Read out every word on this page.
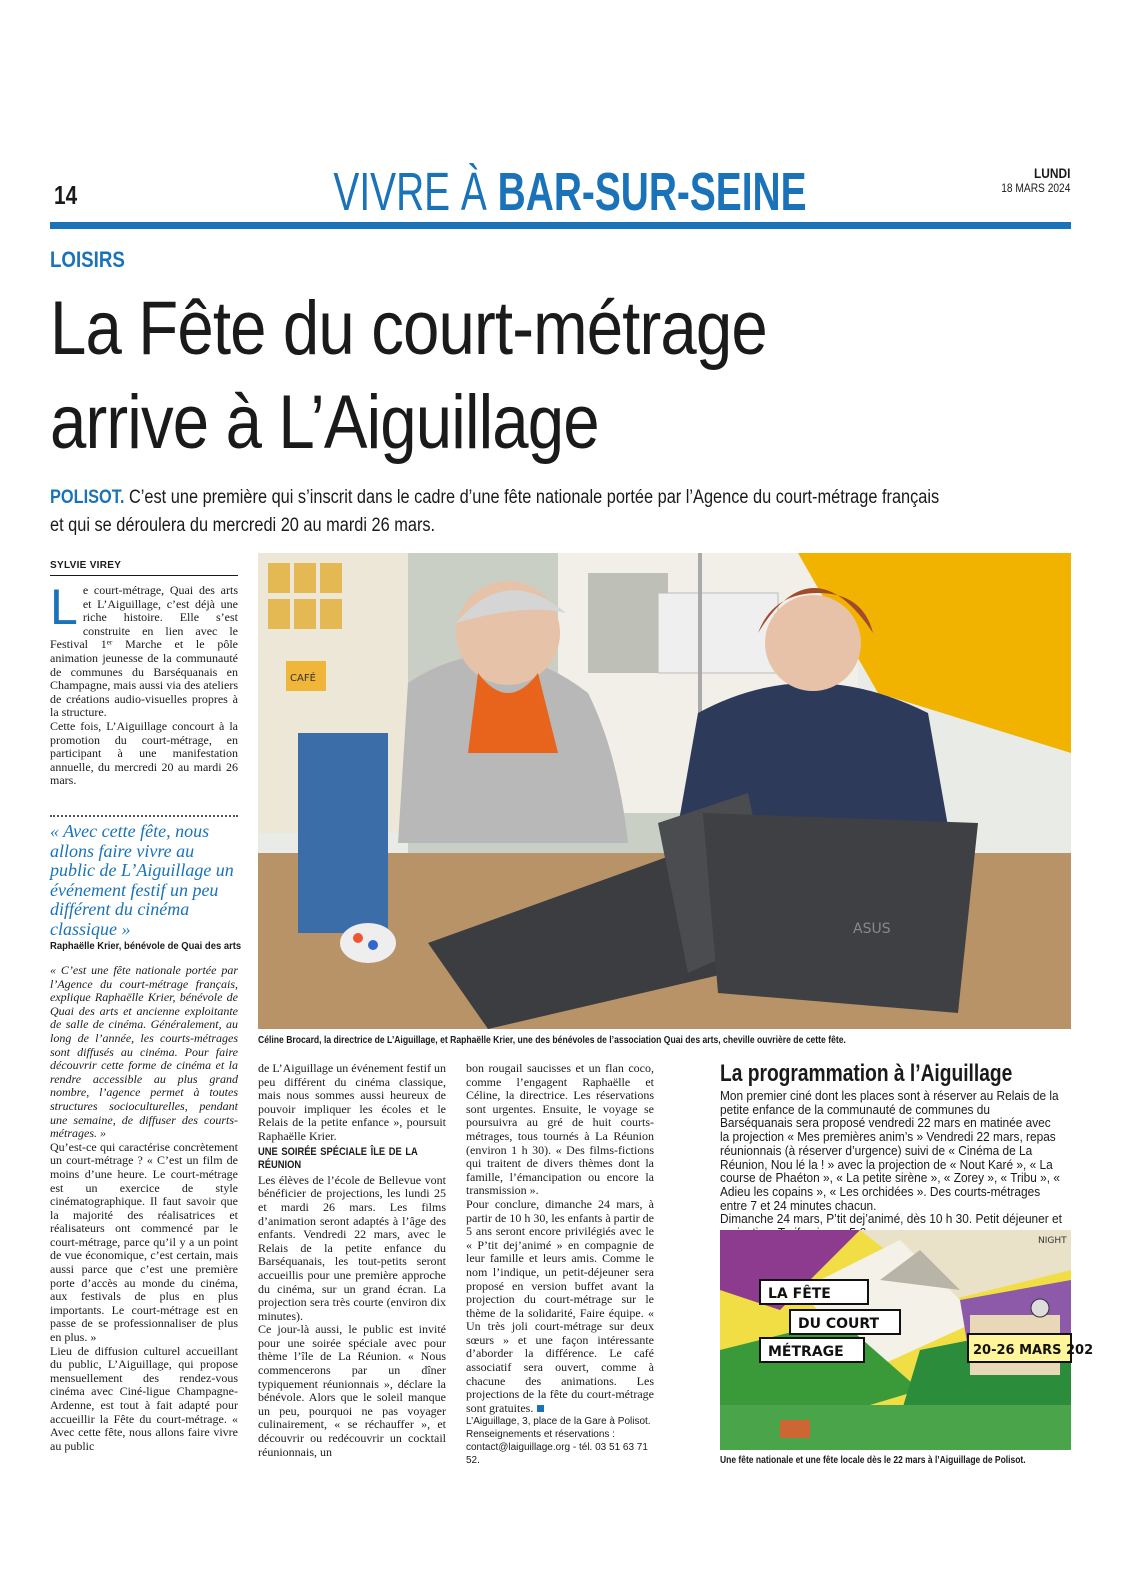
14	VIVRE À BAR-SUR-SEINE	LUNDI
18 MARS 2024
LOISIRS
La Fête du court-métrage
arrive à L’Aiguillage
POLISOT. C’est une première qui s’inscrit dans le cadre d’une fête nationale portée par l’Agence du court-métrage français
et qui se déroulera du mercredi 20 au mardi 26 mars.
SYLVIE VIREY
L e court-métrage, Quai des arts et L’Aiguillage, c’est déjà une riche histoire. Elle s’est construite en lien avec le Festival 1ᵉʳ Marche et le pôle animation jeunesse de la communauté de communes du Barséquanais en Champagne, mais aussi via des ateliers de créations audio-visuelles propres à la structure.

Cette fois, L’Aiguillage concourt à la promotion du court-métrage, en participant à une manifestation annuelle, du mercredi 20 au mardi 26 mars.

« Avec cette fête, nous allons faire vivre au public de L’Aiguillage un événement festif un peu différent du cinéma classique »
Raphaëlle Krier, bénévole de Quai des arts

« C’est une fête nationale portée par l’Agence du court-métrage français, explique Raphaëlle Krier, bénévole de Quai des arts et ancienne exploitante de salle de cinéma. Généralement, au long de l’année, les courts-métrages sont diffusés au cinéma. Pour faire découvrir cette forme de cinéma et la rendre accessible au plus grand nombre, l’agence permet à toutes structures socioculturelles, pendant une semaine, de diffuser des courts-métrages. »

Qu’est-ce qui caractérise concrètement un court-métrage ? « C’est un film de moins d’une heure. Le court-métrage est un exercice de style cinématographique. Il faut savoir que la majorité des réalisatrices et réalisateurs ont commencé par le court-métrage, parce qu’il y a un point de vue économique, c’est certain, mais aussi parce que c’est une première porte d’accès au monde du cinéma, aux festivals de plus en plus importants. Le court-métrage est en passe de se professionnaliser de plus en plus. »

Lieu de diffusion culturel accueillant du public, L’Aiguillage, qui propose mensuellement des rendez-vous cinéma avec Ciné-ligue Champagne-Ardenne, est tout à fait adapté pour accueillir la Fête du court-métrage. « Avec cette fête, nous allons faire vivre au public

CAFÉ
ASUS
Céline Brocard, la directrice de L’Aiguillage, et Raphaëlle Krier, une des bénévoles de l’association Quai des arts, cheville ouvrière de cette fête.

de L’Aiguillage un événement festif un peu différent du cinéma classique, mais nous sommes aussi heureux de pouvoir impliquer les écoles et le Relais de la petite enfance », poursuit Raphaëlle Krier.

UNE SOIRÉE SPÉCIALE ÎLE DE LA RÉUNION

Les élèves de l’école de Bellevue vont bénéficier de projections, les lundi 25 et mardi 26 mars. Les films d’animation seront adaptés à l’âge des enfants. Vendredi 22 mars, avec le Relais de la petite enfance du Barséquanais, les tout-petits seront accueillis pour une première approche du cinéma, sur un grand écran. La projection sera très courte (environ dix minutes).

Ce jour-là aussi, le public est invité pour une soirée spéciale avec pour thème l’île de La Réunion. « Nous commencerons par un dîner typiquement réunionnais », déclare la bénévole. Alors que le soleil manque un peu, pourquoi ne pas voyager culinairement, « se réchauffer », et découvrir ou redécouvrir un cocktail réunionnais, un

bon rougail saucisses et un flan coco, comme l’engagent Raphaëlle et Céline, la directrice. Les réservations sont urgentes. Ensuite, le voyage se poursuivra au gré de huit courts-métrages, tous tournés à La Réunion (environ 1 h 30). « Des films-fictions qui traitent de divers thèmes dont la famille, l’émancipation ou encore la transmission ».

Pour conclure, dimanche 24 mars, à partir de 10 h 30, les enfants à partir de 5 ans seront encore privilégiés avec le « P’tit dej’animé » en compagnie de leur famille et leurs amis. Comme le nom l’indique, un petit-déjeuner sera proposé en version buffet avant la projection du court-métrage sur le thème de la solidarité, Faire équipe. « Un très joli court-métrage sur deux sœurs » et une façon intéressante d’aborder la différence. Le café associatif sera ouvert, comme à chacune des animations. Les projections de la fête du court-métrage sont gratuites.

L’Aiguillage, 3, place de la Gare à Polisot.
Renseignements et réservations :
contact@laiguillage.org - tél. 03 51 63 71 52.
La programmation à l’Aiguillage
Mon premier ciné dont les places sont à réserver au Relais de la petite enfance de la communauté de communes du Barséquanais sera proposé vendredi 22 mars en matinée avec la projection « Mes premières anim’s » Vendredi 22 mars, repas réunionnais (à réserver d’urgence) suivi de « Cinéma de La Réunion, Nou lé la ! » avec la projection de « Nout Karé », « La course de Phaéton », « La petite sirène », « Zorey », « Tribu », « Adieu les copains », « Les orchidées ». Des courts-métrages entre 7 et 24 minutes chacun.
Dimanche 24 mars, P’tit dej’animé, dès 10 h 30. Petit déjeuner et
LA FÊTE
DU COURT
MÉTRAGE	20-26 MARS 202
NIGHT
Une fête nationale et une fête locale dès le 22 mars à l’Aiguillage de Polisot.
